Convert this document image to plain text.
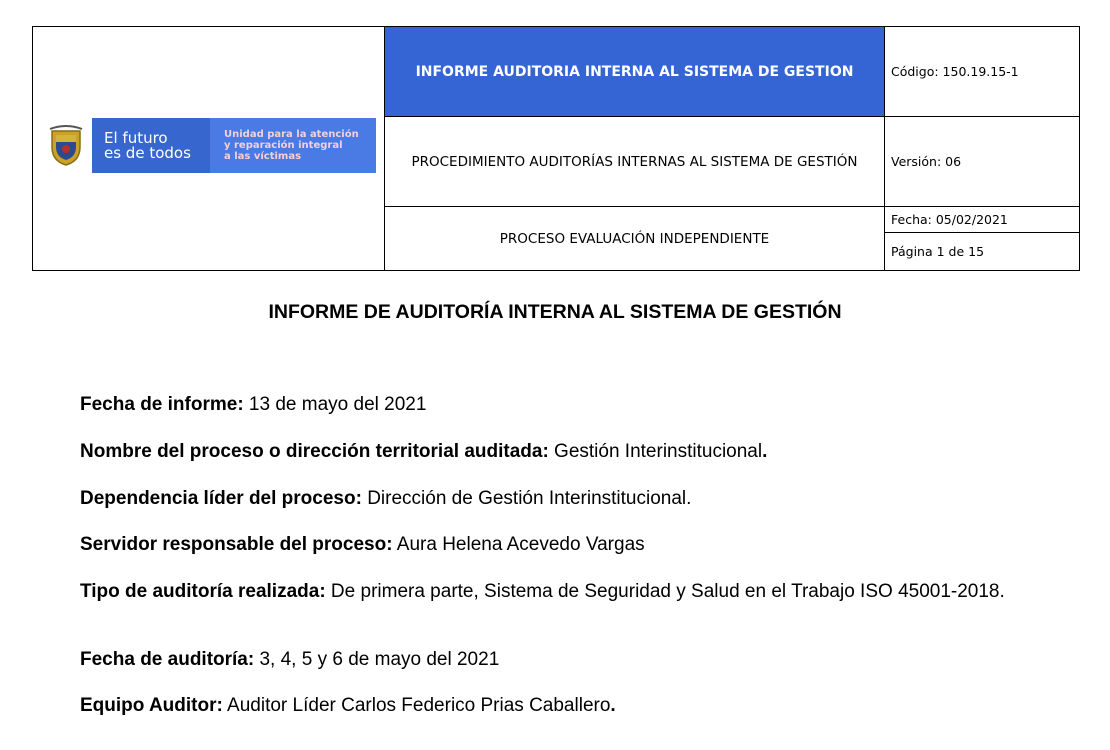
El futuro
es de todos
Unidad para la atención
y reparación integral
a las víctimas
INFORME AUDITORIA INTERNA AL SISTEMA DE GESTION
PROCEDIMIENTO AUDITORÍAS INTERNAS AL SISTEMA DE GESTIÓN
PROCESO EVALUACIÓN INDEPENDIENTE
Código: 150.19.15-1
Versión: 06
Fecha: 05/02/2021
Página 1 de 15
INFORME DE AUDITORÍA INTERNA AL SISTEMA DE GESTIÓN

Fecha de informe: 13 de mayo del 2021

Nombre del proceso o dirección territorial auditada: Gestión Interinstitucional.

Dependencia líder del proceso: Dirección de Gestión Interinstitucional.

Servidor responsable del proceso: Aura Helena Acevedo Vargas

Tipo de auditoría realizada: De primera parte, Sistema de Seguridad y Salud en el Trabajo ISO 45001-2018.

Fecha de auditoría: 3, 4, 5 y 6 de mayo del 2021

Equipo Auditor: Auditor Líder Carlos Federico Prias Caballero.
